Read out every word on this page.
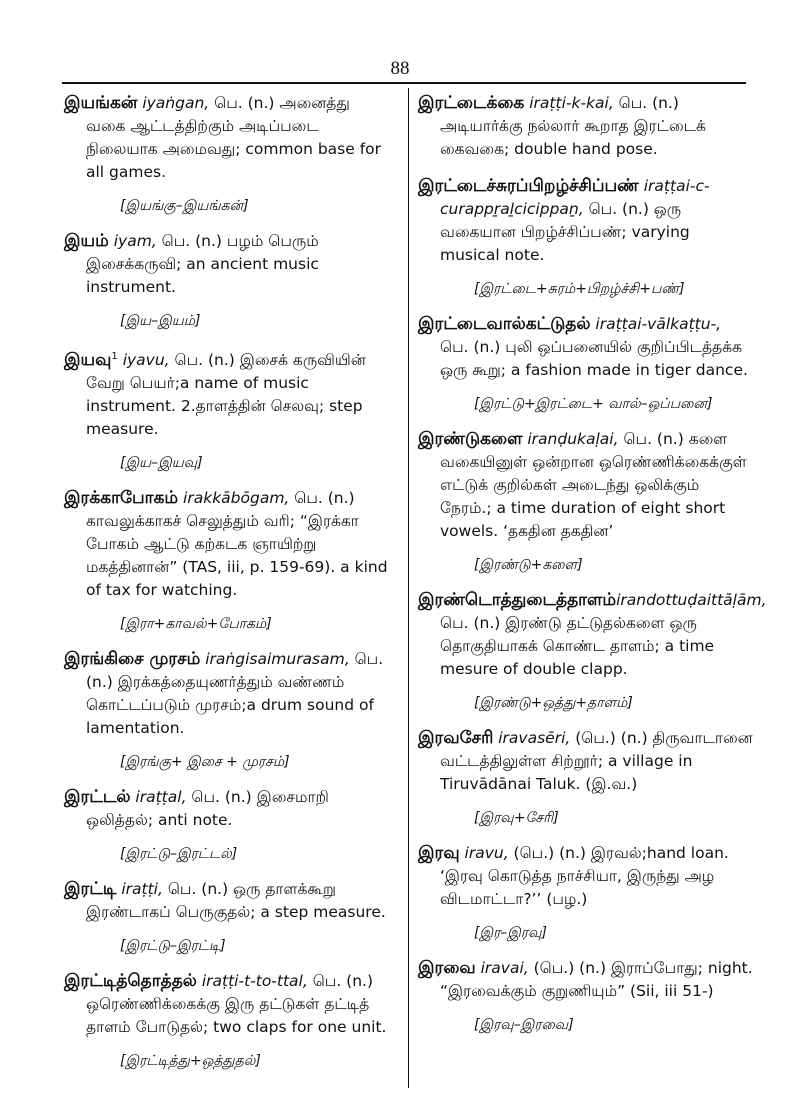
88

இயங்கன் iyaṅgan, பெ. (n.) அனைத்து வகை ஆட்டத்திற்கும் அடிப்படை நிலையாக அமைவது; common base for all games.

[இயங்கு–இயங்கன்]

இயம் iyam, பெ. (n.) பழம் பெரும் இசைக்கருவி; an ancient music instrument.

[இய–இயம்]

இயவு$^1$ iyavu, பெ. (n.) இசைக் கருவியின் வேறு பெயர்;a name of music instrument. 2.தாளத்தின் செலவு; step measure.

[இய–இயவு]

இரக்காபோகம் irakkābōgam, பெ. (n.) காவலுக்காகச் செலுத்தும் வரி; “இரக்கா போகம் ஆட்டு கற்கடக ஞாயிற்று மகத்தினான்” (TAS, iii, p. 159-69). a kind of tax for watching.

[இரா+காவல்+போகம்]

இரங்கிசை முரசம் iraṅgisaimurasam, பெ. (n.) இரக்கத்தையுணர்த்தும் வண்ணம் கொட்டப்படும் முரசம்;a drum sound of lamentation.

[இரங்கு+ இசை + முரசம்]

இரட்டல் iraṭṭal, பெ. (n.) இசைமாறி ஒலித்தல்; anti note.

[இரட்டு–இரட்டல்]

இரட்டி iraṭṭi, பெ. (n.) ஒரு தாளக்கூறு இரண்டாகப் பெருகுதல்; a step measure.

[இரட்டு–இரட்டி]

இரட்டித்தொத்தல் iraṭṭi-t-to-ttal, பெ. (n.) ஒரெண்ணிக்கைக்கு இரு தட்டுகள் தட்டித் தாளம் போடுதல்; two claps for one unit.

[இரட்டித்து+ஒத்துதல்]

இரட்டைக்கை iraṭṭi-k-kai, பெ. (n.) அடியார்க்கு நல்லார் கூறாத இரட்டைக் கைவகை; double hand pose.

இரட்டைச்சுரப்பிறழ்ச்சிப்பண் iraṭṭai-c-curappṟaḻcicippaṉ, பெ. (n.) ஒரு வகையான பிறழ்ச்சிப்பண்; varying musical note.

[இரட்டை+சுரம்+பிறழ்ச்சி+பண்]

இரட்டைவால்கட்டுதல் iraṭṭai-vālkaṭṭu-, பெ. (n.) புலி ஒப்பனையில் குறிப்பிடத்தக்க ஒரு கூறு; a fashion made in tiger dance.

[இரட்டு+இரட்டை+ வால்–ஒப்பனை]

இரண்டுகளை iranḍukaḷai, பெ. (n.) களை வகையினுள் ஒன்றான ஒரெண்ணிக்கைக்குள் எட்டுக் குறில்கள் அடைந்து ஒலிக்கும் நேரம்.; a time duration of eight short vowels. ‘தகதின தகதின’

[இரண்டு+களை]

இரண்டொத்துடைத்தாளம்irandottuḍaittāḷām, பெ. (n.) இரண்டு தட்டுதல்களை ஒரு தொகுதியாகக் கொண்ட தாளம்; a time mesure of double clapp.

[இரண்டு+ஒத்து+தாளம்]

இரவசேரி iravasēri, (பெ.) (n.) திருவாடானை வட்டத்திலுள்ள சிற்றூர்; a village in Tiruvādānai Taluk. (இ.வ.)

[இரவு+சேரி]

இரவு iravu, (பெ.) (n.) இரவல்;hand loan. ‘இரவு கொடுத்த நாச்சியா, இருந்து அழ விடமாட்டா?’’ (பழ.)

[இர–இரவு]

இரவை iravai, (பெ.) (n.) இராப்போது; night. “இரவைக்கும் குறுணியும்” (Sii, iii 51-)

[இரவு–இரவை]
